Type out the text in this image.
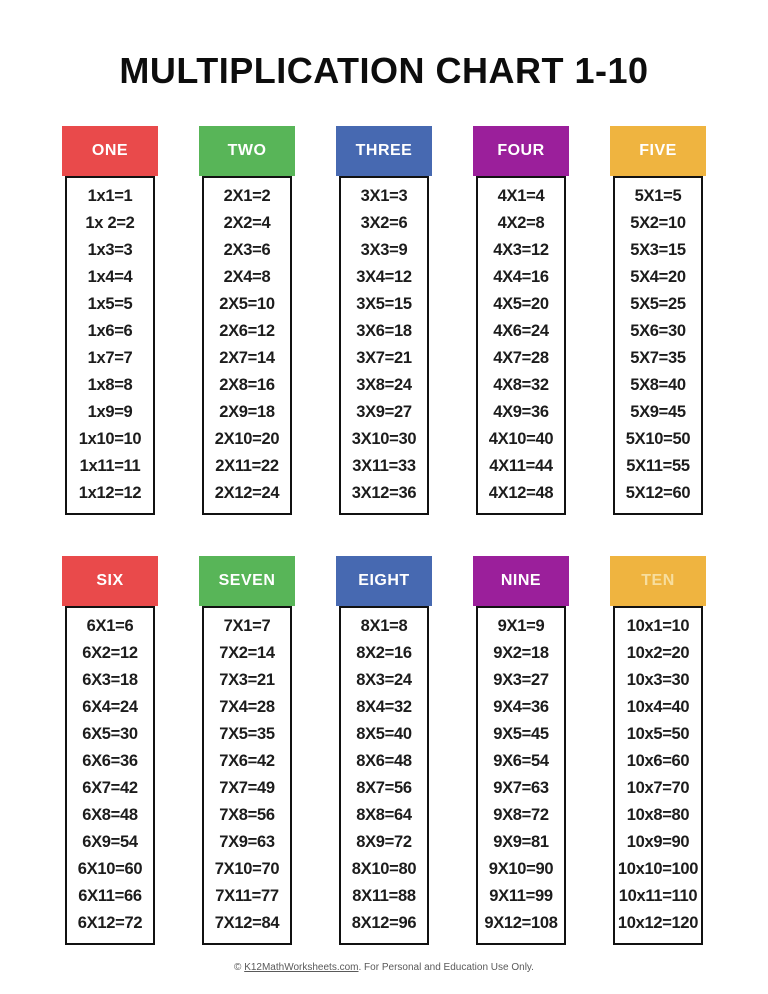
MULTIPLICATION CHART 1-10
ONE
1x1=1
1x 2=2
1x3=3
1x4=4
1x5=5
1x6=6
1x7=7
1x8=8
1x9=9
1x10=10
1x11=11
1x12=12
TWO
2X1=2
2X2=4
2X3=6
2X4=8
2X5=10
2X6=12
2X7=14
2X8=16
2X9=18
2X10=20
2X11=22
2X12=24
THREE
3X1=3
3X2=6
3X3=9
3X4=12
3X5=15
3X6=18
3X7=21
3X8=24
3X9=27
3X10=30
3X11=33
3X12=36
FOUR
4X1=4
4X2=8
4X3=12
4X4=16
4X5=20
4X6=24
4X7=28
4X8=32
4X9=36
4X10=40
4X11=44
4X12=48
FIVE
5X1=5
5X2=10
5X3=15
5X4=20
5X5=25
5X6=30
5X7=35
5X8=40
5X9=45
5X10=50
5X11=55
5X12=60
SIX
6X1=6
6X2=12
6X3=18
6X4=24
6X5=30
6X6=36
6X7=42
6X8=48
6X9=54
6X10=60
6X11=66
6X12=72
SEVEN
7X1=7
7X2=14
7X3=21
7X4=28
7X5=35
7X6=42
7X7=49
7X8=56
7X9=63
7X10=70
7X11=77
7X12=84
EIGHT
8X1=8
8X2=16
8X3=24
8X4=32
8X5=40
8X6=48
8X7=56
8X8=64
8X9=72
8X10=80
8X11=88
8X12=96
NINE
9X1=9
9X2=18
9X3=27
9X4=36
9X5=45
9X6=54
9X7=63
9X8=72
9X9=81
9X10=90
9X11=99
9X12=108
TEN
10x1=10
10x2=20
10x3=30
10x4=40
10x5=50
10x6=60
10x7=70
10x8=80
10x9=90
10x10=100
10x11=110
10x12=120
© K12MathWorksheets.com. For Personal and Education Use Only.
